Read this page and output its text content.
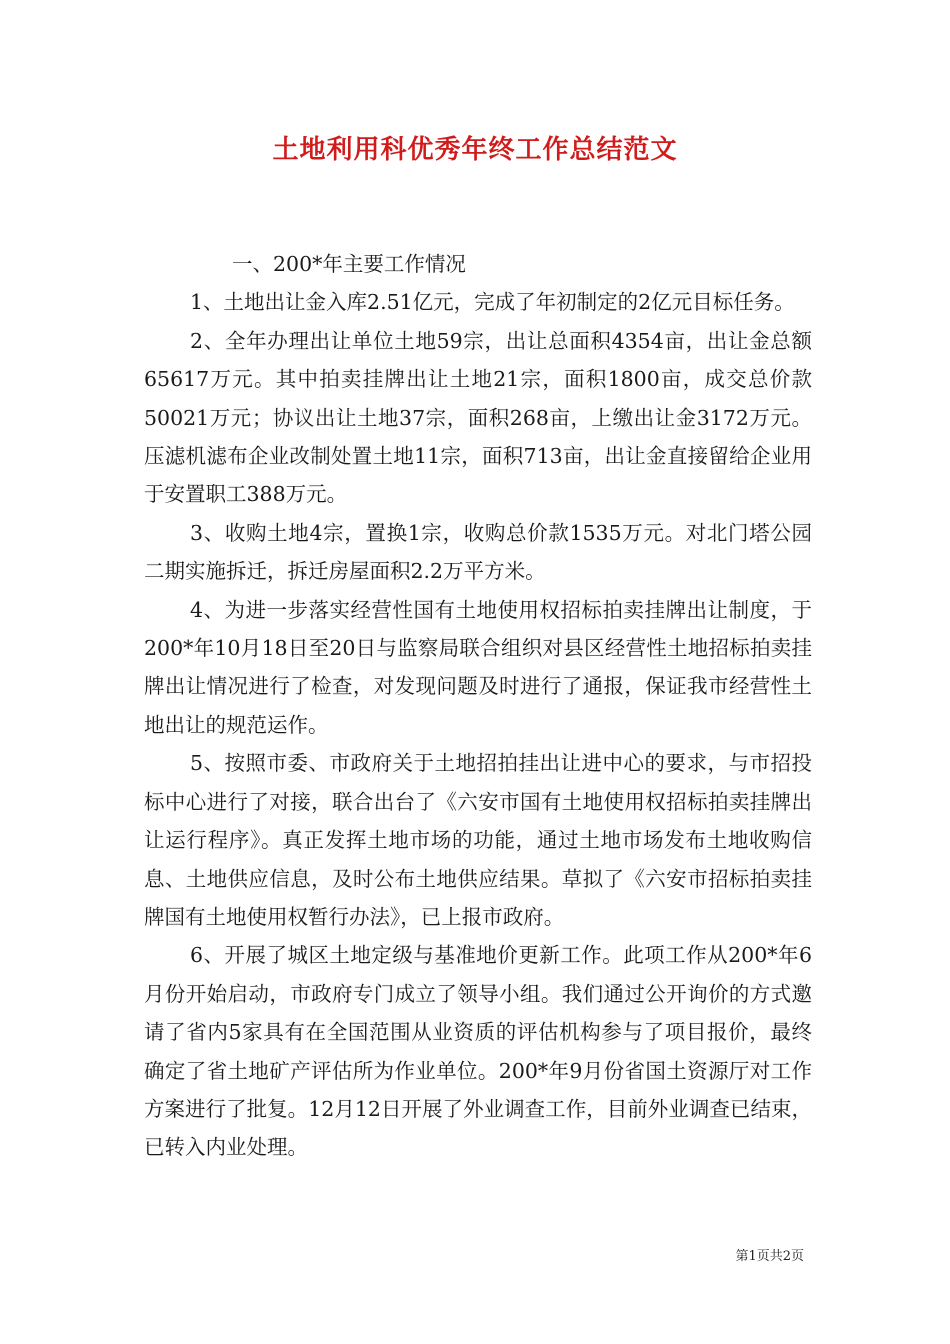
土地利用科优秀年终工作总结范文

一、200*年主要工作情况

1、土地出让金入库2.51亿元，完成了年初制定的2亿元目标任务。

2、全年办理出让单位土地59宗，出让总面积4354亩，出让金总额65617万元。其中拍卖挂牌出让土地21宗，面积1800亩，成交总价款50021万元；协议出让土地37宗，面积268亩，上缴出让金3172万元。压滤机滤布企业改制处置土地11宗，面积713亩，出让金直接留给企业用于安置职工388万元。

3、收购土地4宗，置换1宗，收购总价款1535万元。对北门塔公园二期实施拆迁，拆迁房屋面积2.2万平方米。

4、为进一步落实经营性国有土地使用权招标拍卖挂牌出让制度，于200*年10月18日至20日与监察局联合组织对县区经营性土地招标拍卖挂牌出让情况进行了检查，对发现问题及时进行了通报，保证我市经营性土地出让的规范运作。

5、按照市委、市政府关于土地招拍挂出让进中心的要求，与市招投标中心进行了对接，联合出台了《六安市国有土地使用权招标拍卖挂牌出让运行程序》。真正发挥土地市场的功能，通过土地市场发布土地收购信息、土地供应信息，及时公布土地供应结果。草拟了《六安市招标拍卖挂牌国有土地使用权暂行办法》，已上报市政府。

6、开展了城区土地定级与基准地价更新工作。此项工作从200*年6月份开始启动，市政府专门成立了领导小组。我们通过公开询价的方式邀请了省内5家具有在全国范围从业资质的评估机构参与了项目报价，最终确定了省土地矿产评估所为作业单位。200*年9月份省国土资源厅对工作方案进行了批复。12月12日开展了外业调查工作，目前外业调查已结束，已转入内业处理。

第1页共2页
